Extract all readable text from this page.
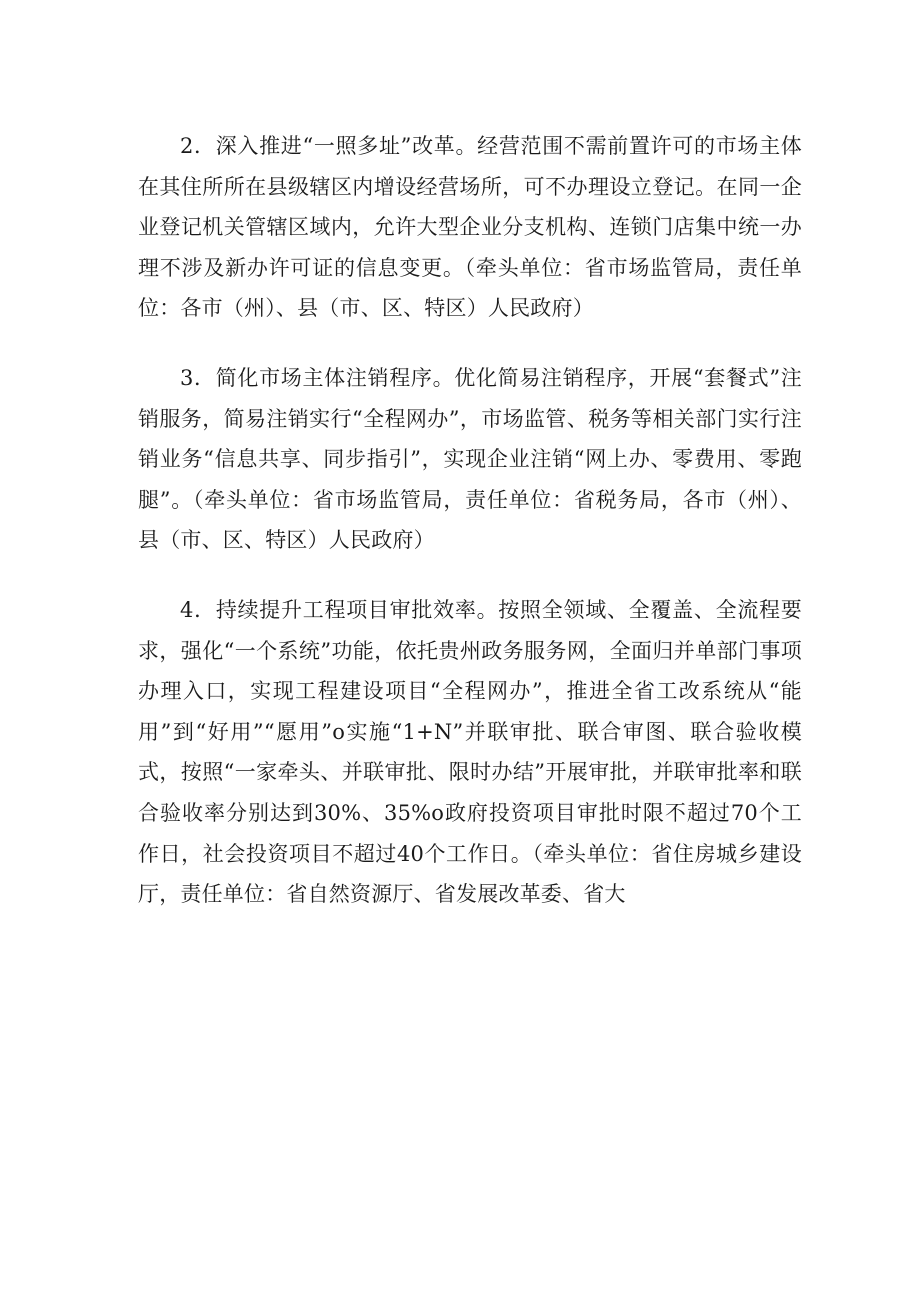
2．深入推进“一照多址”改革。经营范围不需前置许可的市场主体在其住所所在县级辖区内增设经营场所，可不办理设立登记。在同一企业登记机关管辖区域内，允许大型企业分支机构、连锁门店集中统一办理不涉及新办许可证的信息变更。（牵头单位：省市场监管局，责任单位：各市（州）、县（市、区、特区）人民政府）

3．简化市场主体注销程序。优化简易注销程序，开展“套餐式”注销服务，简易注销实行“全程网办”，市场监管、税务等相关部门实行注销业务“信息共享、同步指引”，实现企业注销“网上办、零费用、零跑腿”。（牵头单位：省市场监管局，责任单位：省税务局，各市（州）、县（市、区、特区）人民政府）

4．持续提升工程项目审批效率。按照全领域、全覆盖、全流程要求，强化“一个系统”功能，依托贵州政务服务网，全面归并单部门事项办理入口，实现工程建设项目“全程网办”，推进全省工改系统从“能用”到“好用”“愿用”o实施“1+N”并联审批、联合审图、联合验收模式，按照“一家牵头、并联审批、限时办结”开展审批，并联审批率和联合验收率分别达到30%、35%o政府投资项目审批时限不超过70个工作日，社会投资项目不超过40个工作日。（牵头单位：省住房城乡建设厅，责任单位：省自然资源厅、省发展改革委、省大
